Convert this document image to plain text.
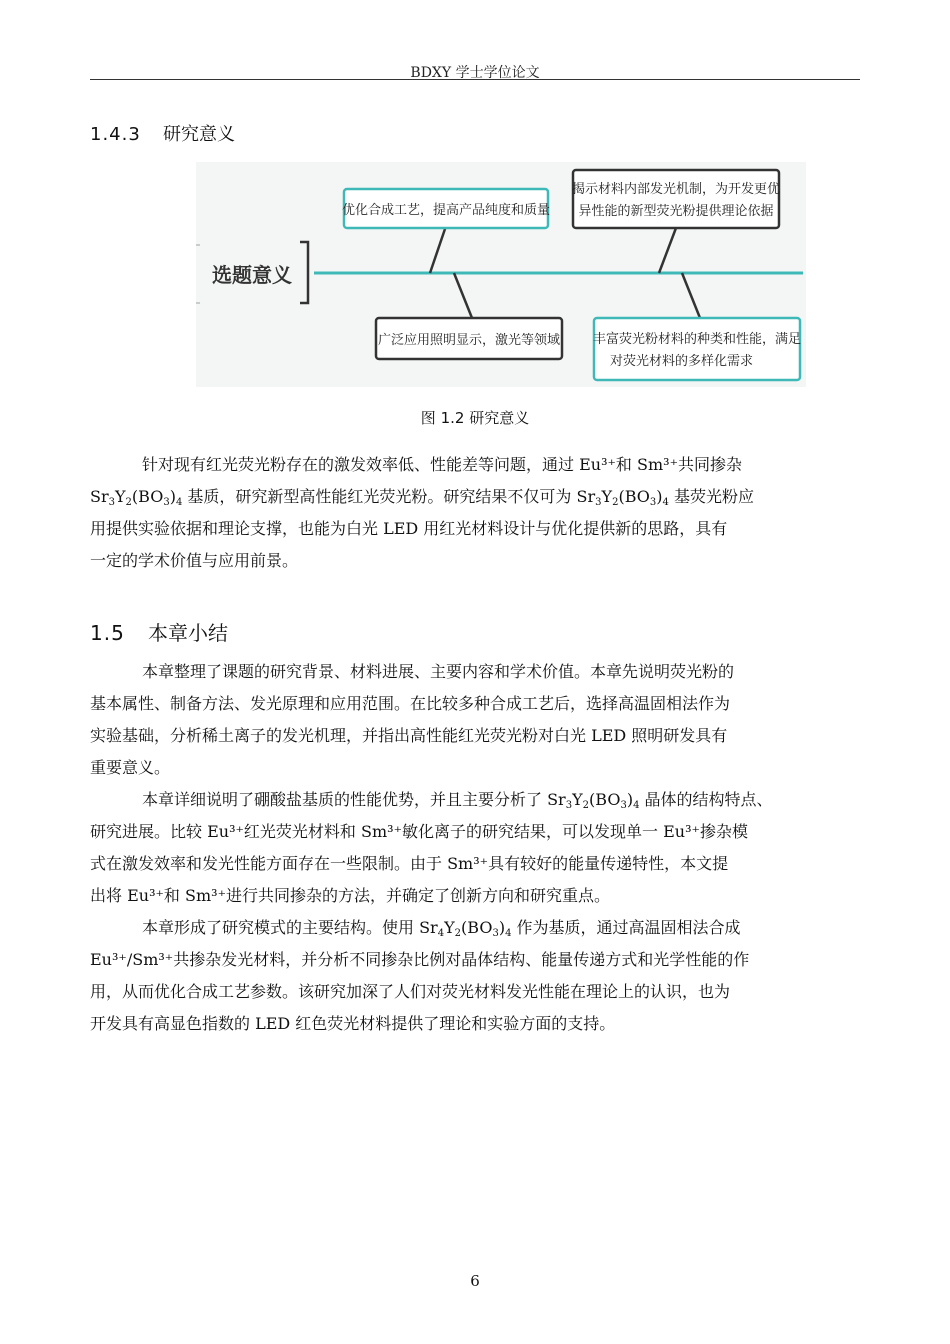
BDXY 学士学位论文
1.4.3 研究意义
选题意义
优化合成工艺，提高产品纯度和质量
揭示材料内部发光机制，为开发更优
异性能的新型荧光粉提供理论依据
广泛应用照明显示，激光等领域	丰富荧光粉材料的种类和性能，满足
对荧光材料的多样化需求
图 1.2 研究意义
针对现有红光荧光粉存在的激发效率低、性能差等问题，通过 Eu³⁺和 Sm³⁺共同掺杂
$Sr_3Y_2(BO_3)_4$ 基质，研究新型高性能红光荧光粉。研究结果不仅可为 $Sr_3Y_2(BO_3)_4$ 基荧光粉应
用提供实验依据和理论支撑，也能为白光 LED 用红光材料设计与优化提供新的思路，具有
一定的学术价值与应用前景。
1.5 本章小结
本章整理了课题的研究背景、材料进展、主要内容和学术价值。本章先说明荧光粉的
基本属性、制备方法、发光原理和应用范围。在比较多种合成工艺后，选择高温固相法作为
实验基础，分析稀土离子的发光机理，并指出高性能红光荧光粉对白光 LED 照明研发具有
重要意义。
本章详细说明了硼酸盐基质的性能优势，并且主要分析了 $Sr_3Y_2(BO_3)_4$ 晶体的结构特点、
研究进展。比较 Eu³⁺红光荧光材料和 Sm³⁺敏化离子的研究结果，可以发现单一 Eu³⁺掺杂模
式在激发效率和发光性能方面存在一些限制。由于 Sm³⁺具有较好的能量传递特性，本文提
出将 Eu³⁺和 Sm³⁺进行共同掺杂的方法，并确定了创新方向和研究重点。
本章形成了研究模式的主要结构。使用 $Sr_4Y_2(BO_3)_4$ 作为基质，通过高温固相法合成
Eu³⁺/Sm³⁺共掺杂发光材料，并分析不同掺杂比例对晶体结构、能量传递方式和光学性能的作
用，从而优化合成工艺参数。该研究加深了人们对荧光材料发光性能在理论上的认识，也为
开发具有高显色指数的 LED 红色荧光材料提供了理论和实验方面的支持。
6
